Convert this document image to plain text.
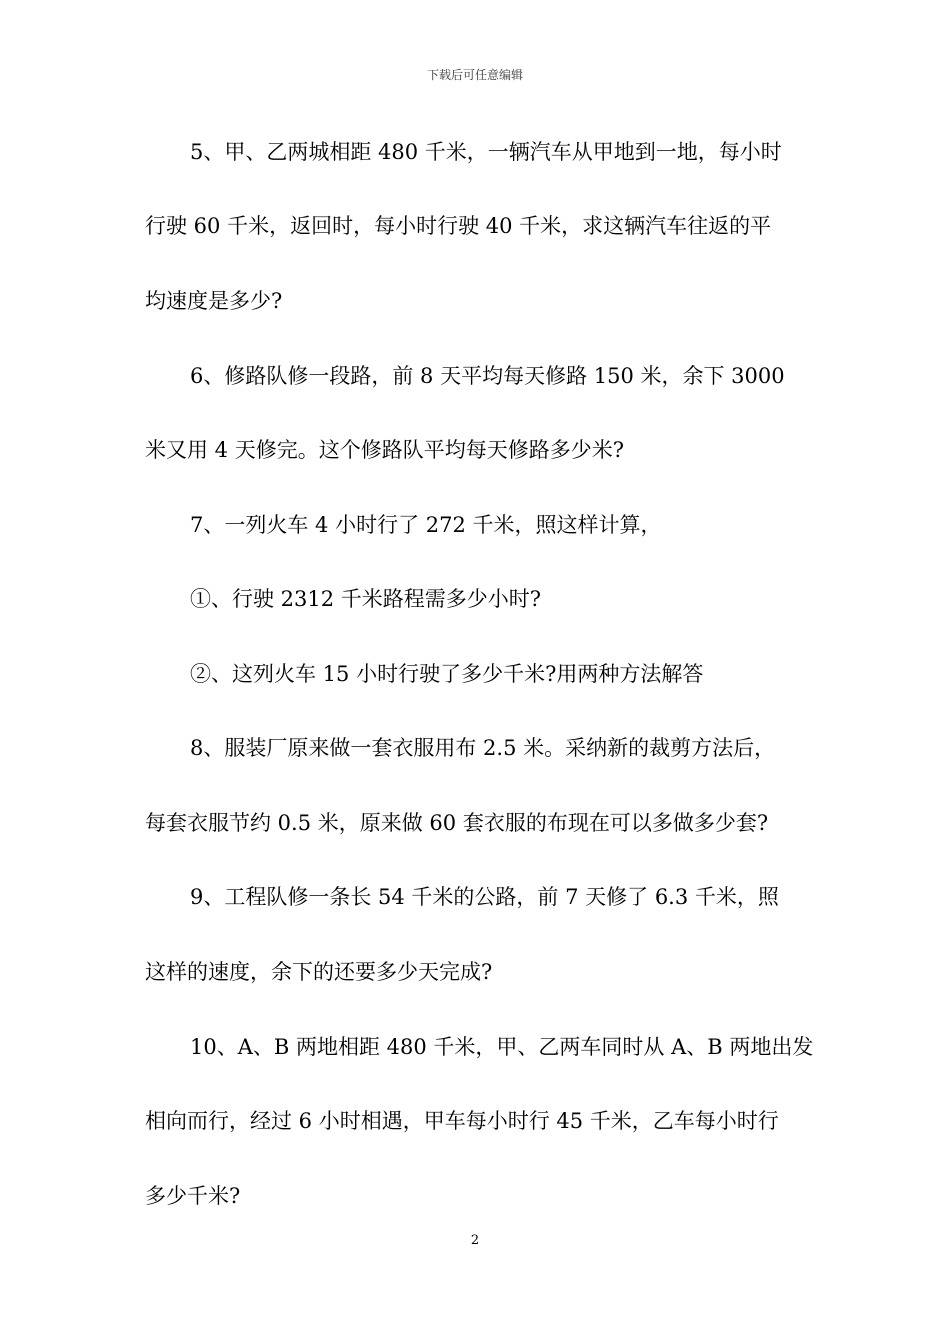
下载后可任意编辑
5、甲、乙两城相距 480 千米，一辆汽车从甲地到一地，每小时
行驶 60 千米，返回时，每小时行驶 40 千米，求这辆汽车往返的平
均速度是多少?
6、修路队修一段路，前 8 天平均每天修路 150 米，余下 3000
米又用 4 天修完。这个修路队平均每天修路多少米?
7、一列火车 4 小时行了 272 千米，照这样计算，
①、行驶 2312 千米路程需多少小时?
②、这列火车 15 小时行驶了多少千米?用两种方法解答
8、服装厂原来做一套衣服用布 2.5 米。采纳新的裁剪方法后，
每套衣服节约 0.5 米，原来做 60 套衣服的布现在可以多做多少套?
9、工程队修一条长 54 千米的公路，前 7 天修了 6.3 千米，照
这样的速度，余下的还要多少天完成?
10、A、B 两地相距 480 千米，甲、乙两车同时从 A、B 两地出发
相向而行，经过 6 小时相遇，甲车每小时行 45 千米，乙车每小时行
多少千米?
2
